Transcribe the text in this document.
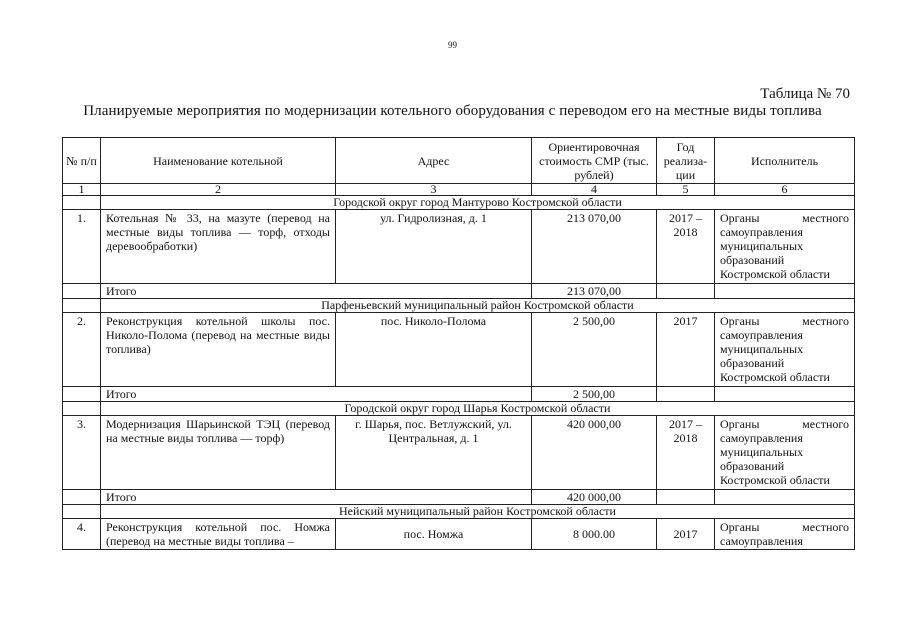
99
Таблица № 70
Планируемые мероприятия по модернизации котельного оборудования с переводом его на местные виды топлива
№ п/п	Наименование котельной	Адрес	Ориентировочная стоимость СМР (тыс. рублей)	Год реализа-ции	Исполнитель
1	2	3	4	5	6
	Городской округ город Мантурово Костромской области				
1.	Котельная № 33, на мазуте (перевод на местные виды топлива — торф, отходы деревообработки)	ул. Гидролизная, д. 1	213 070,00	2017 – 2018	Органы местного самоуправления муниципальных образований Костромской области
	Итого		213 070,00		
	Парфеньевский муниципальный район Костромской области				
2.	Реконструкция котельной школы пос. Николо-Полома (перевод на местные виды топлива)	пос. Николо-Полома	2 500,00	2017	Органы местного самоуправления муниципальных образований Костромской области
	Итого		2 500,00		
	Городской округ город Шарья Костромской области				
3.	Модернизация Шарьинской ТЭЦ (перевод на местные виды топлива — торф)	г. Шарья, пос. Ветлужский, ул. Центральная, д. 1	420 000,00	2017 – 2018	Органы местного самоуправления муниципальных образований Костромской области
	Итого		420 000,00		
	Нейский муниципальный район Костромской области				
4.	Реконструкция котельной пос. Номжа (перевод на местные виды топлива –	пос. Номжа	8 000.00	2017	Органы местного самоуправления
